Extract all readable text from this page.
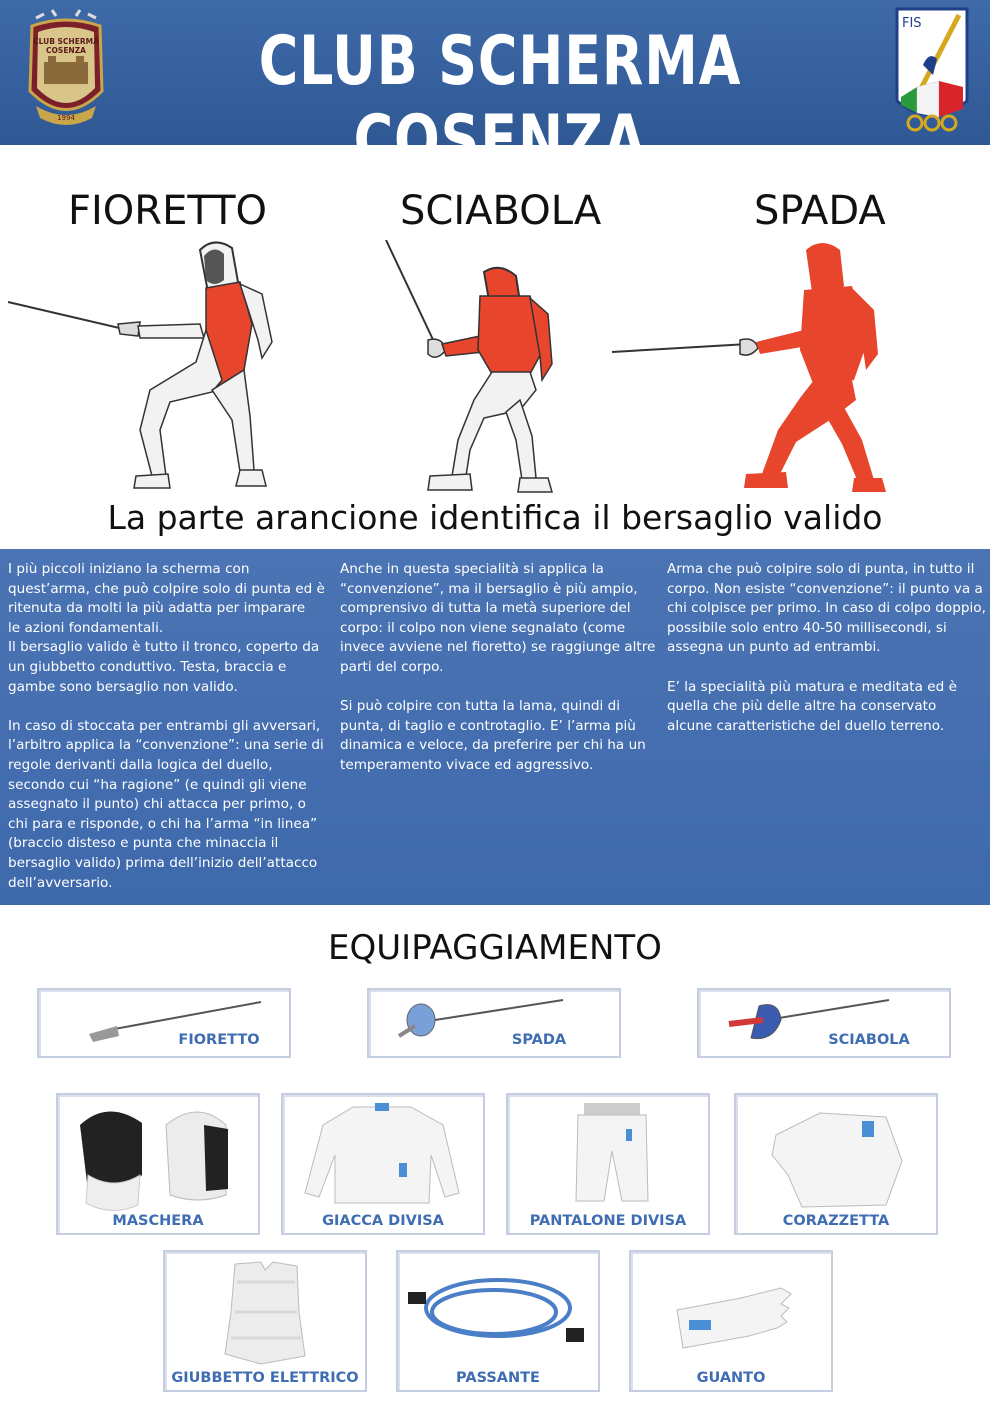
CLUB SCHERMA
COSENZA
1994
CLUB SCHERMA COSENZA
FIS
FIORETTO	SCIABOLA	SPADA
La parte arancione identifica il bersaglio valido

I più piccoli iniziano la scherma con
quest’arma, che può colpire solo di punta ed è
ritenuta da molti la più adatta per imparare
le azioni fondamentali.
Il bersaglio valido è tutto il tronco, coperto da
un giubbetto conduttivo. Testa, braccia e
gambe sono bersaglio non valido.

In caso di stoccata per entrambi gli avversari,
l’arbitro applica la “convenzione”: una serie di
regole derivanti dalla logica del duello,
secondo cui “ha ragione” (e quindi gli viene
assegnato il punto) chi attacca per primo, o
chi para e risponde, o chi ha l’arma “in linea”
(braccio disteso e punta che minaccia il
bersaglio valido) prima dell’inizio dell’attacco
dell’avversario.

Anche in questa specialità si applica la
“convenzione”, ma il bersaglio è più ampio,
comprensivo di tutta la metà superiore del
corpo: il colpo non viene segnalato (come
invece avviene nel fioretto) se raggiunge altre
parti del corpo.

Si può colpire con tutta la lama, quindi di
punta, di taglio e controtaglio. E’ l’arma più
dinamica e veloce, da preferire per chi ha un
temperamento vivace ed aggressivo.

Arma che può colpire solo di punta, in tutto il
corpo. Non esiste “convenzione”: il punto va a
chi colpisce per primo. In caso di colpo doppio,
possibile solo entro 40-50 millisecondi, si
assegna un punto ad entrambi.

E’ la specialità più matura e meditata ed è
quella che più delle altre ha conservato
alcune caratteristiche del duello terreno.

EQUIPAGGIAMENTO
FIORETTO	SPADA	SCIABOLA
MASCHERA	GIACCA DIVISA	PANTALONE DIVISA	CORAZZETTA
GIUBBETTO ELETTRICO	PASSANTE	GUANTO
